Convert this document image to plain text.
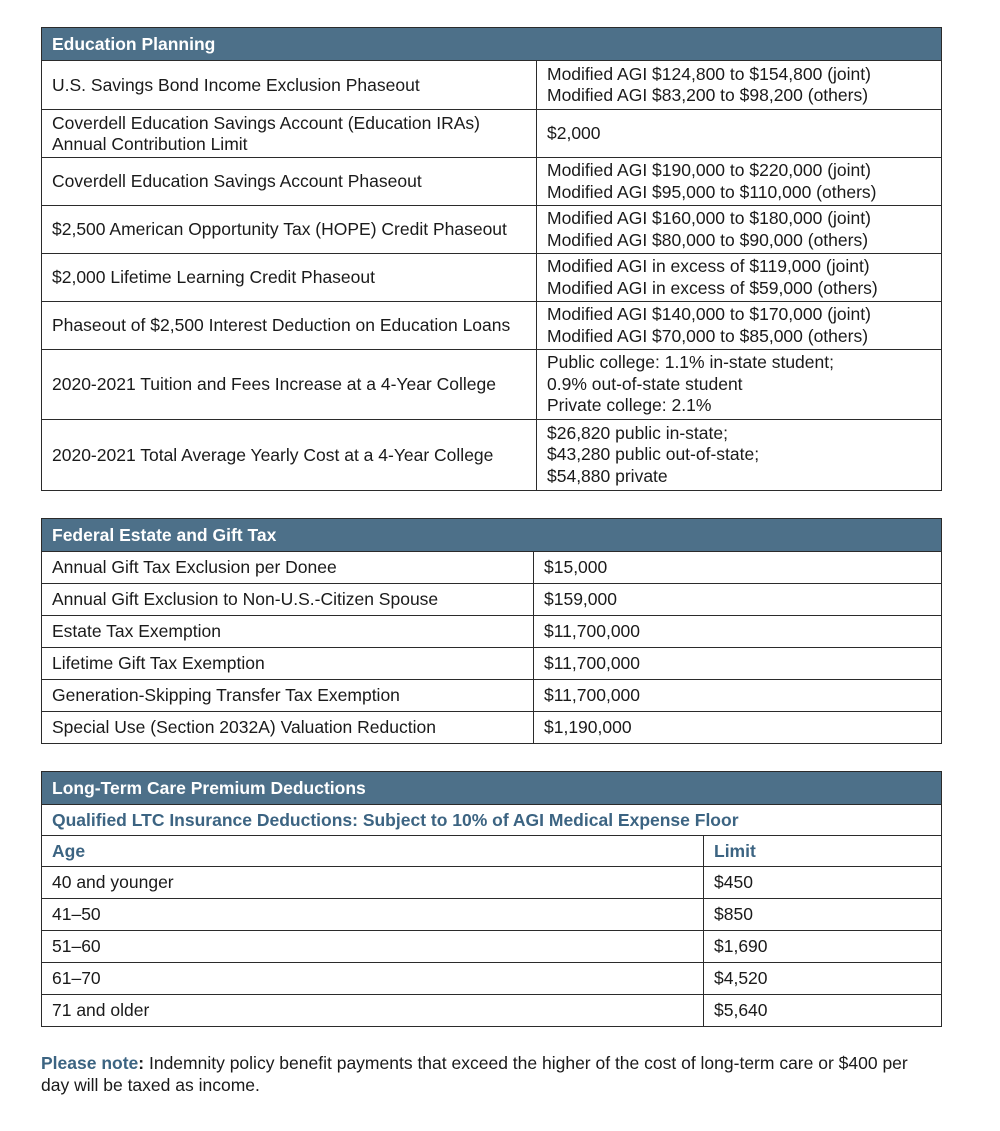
Education Planning	
U.S. Savings Bond Income Exclusion Phaseout	Modified AGI $124,800 to $154,800 (joint)
Modified AGI $83,200 to $98,200 (others)

Coverdell Education Savings Account (Education IRAs) Annual Contribution Limit	$2,000

Coverdell Education Savings Account Phaseout	Modified AGI $190,000 to $220,000 (joint)
Modified AGI $95,000 to $110,000 (others)

$2,500 American Opportunity Tax (HOPE) Credit Phaseout	Modified AGI $160,000 to $180,000 (joint)
Modified AGI $80,000 to $90,000 (others)

$2,000 Lifetime Learning Credit Phaseout	Modified AGI in excess of $119,000 (joint)
Modified AGI in excess of $59,000 (others)

Phaseout of $2,500 Interest Deduction on Education Loans	Modified AGI $140,000 to $170,000 (joint)
Modified AGI $70,000 to $85,000 (others)

2020-2021 Tuition and Fees Increase at a 4-Year College	Public college: 1.1% in-state student;
0.9% out-of-state student
Private college: 2.1%

2020-2021 Total Average Yearly Cost at a 4-Year College	$26,820 public in-state;
$43,280 public out-of-state;
$54,880 private
Federal Estate and Gift Tax	
Annual Gift Tax Exclusion per Donee	$15,000
Annual Gift Exclusion to Non-U.S.-Citizen Spouse	$159,000
Estate Tax Exemption	$11,700,000
Lifetime Gift Tax Exemption	$11,700,000
Generation-Skipping Transfer Tax Exemption	$11,700,000
Special Use (Section 2032A) Valuation Reduction	$1,190,000
Long-Term Care Premium Deductions	
Qualified LTC Insurance Deductions: Subject to 10% of AGI Medical Expense Floor	
Age	Limit
40 and younger	$450
41–50	$850
51–60	$1,690
61–70	$4,520
71 and older	$5,640
Please note: Indemnity policy benefit payments that exceed the higher of the cost of long-term care or $400 per day will be taxed as income.
